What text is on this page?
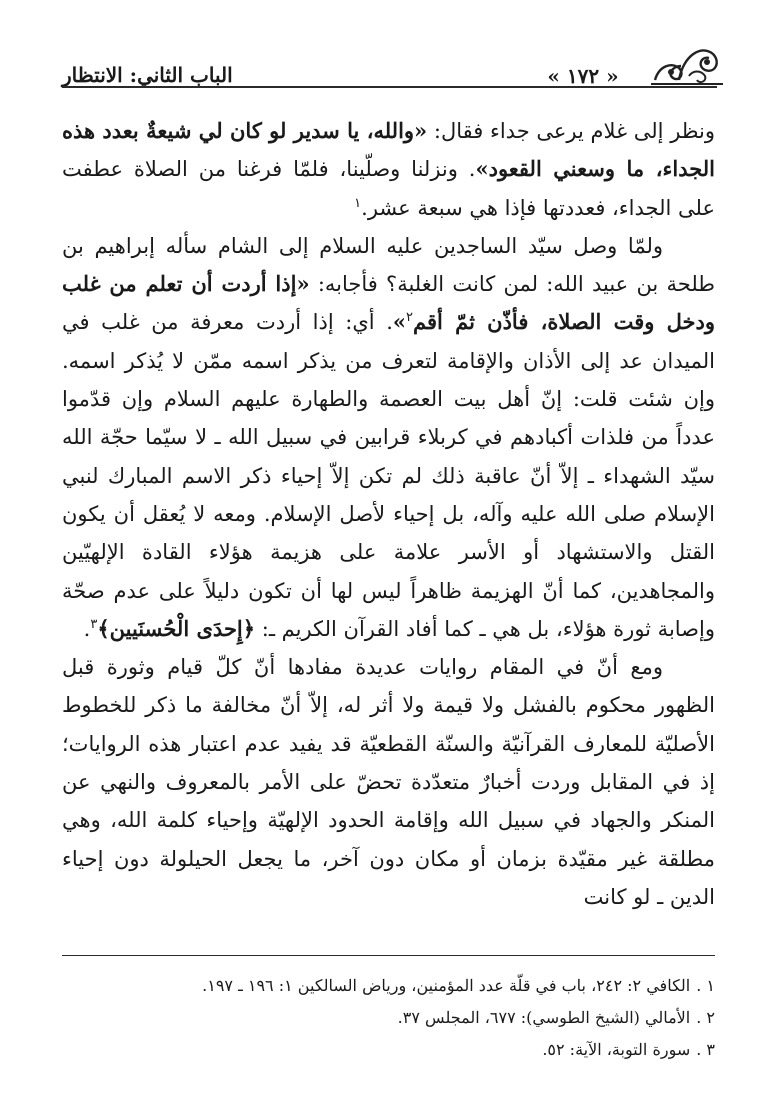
الباب الثاني: الانتظار	« ١٧٢ »

ونظر إلى غلام يرعى جداء فقال: «والله، يا سدير لو كان لي شيعةٌ بعدد هذه الجداء، ما وسعني القعود». ونزلنا وصلّينا، فلمّا فرغنا من الصلاة عطفت على الجداء، فعددتها فإذا هي سبعة عشر.$^١$

ولمّا وصل سيّد الساجدين عليه السلام إلى الشام سأله إبراهيم بن طلحة بن عبيد الله: لمن كانت الغلبة؟ فأجابه: «إذا أردت أن تعلم من غلب ودخل وقت الصلاة، فأذّن ثمّ أقم$^٢$». أي: إذا أردت معرفة من غلب في الميدان عد إلى الأذان والإقامة لتعرف من يذكر اسمه ممّن لا يُذكر اسمه. وإن شئت قلت: إنّ أهل بيت العصمة والطهارة عليهم السلام وإن قدّموا عدداً من فلذات أكبادهم في كربلاء قرابين في سبيل الله ـ لا سيّما حجّة الله سيّد الشهداء ـ إلاّ أنّ عاقبة ذلك لم تكن إلاّ إحياء ذكر الاسم المبارك لنبي الإسلام صلى الله عليه وآله، بل إحياء لأصل الإسلام. ومعه لا يُعقل أن يكون القتل والاستشهاد أو الأسر علامة على هزيمة هؤلاء القادة الإلهيّين والمجاهدين، كما أنّ الهزيمة ظاهراً ليس لها أن تكون دليلاً على عدم صحّة وإصابة ثورة هؤلاء، بل هي ـ كما أفاد القرآن الكريم ـ: ﴿إِحدَى الْحُسنَيين﴾$^٣$.

ومع أنّ في المقام روايات عديدة مفادها أنّ كلّ قيام وثورة قبل الظهور محكوم بالفشل ولا قيمة ولا أثر له، إلاّ أنّ مخالفة ما ذكر للخطوط الأصليّة للمعارف القرآنيّة والسنّة القطعيّة قد يفيد عدم اعتبار هذه الروايات؛ إذ في المقابل وردت أخبارٌ متعدّدة تحضّ على الأمر بالمعروف والنهي عن المنكر والجهاد في سبيل الله وإقامة الحدود الإلهيّة وإحياء كلمة الله، وهي مطلقة غير مقيّدة بزمان أو مكان دون آخر، ما يجعل الحيلولة دون إحياء الدين ـ لو كانت

١ .الكافي ٢: ٢٤٢، باب في قلّة عدد المؤمنين، ورياض السالكين ١: ١٩٦ ـ ١٩٧.

٢ .الأمالي (الشيخ الطوسي): ٦٧٧، المجلس ٣٧.

٣ .سورة التوبة، الآية: ٥٢.
